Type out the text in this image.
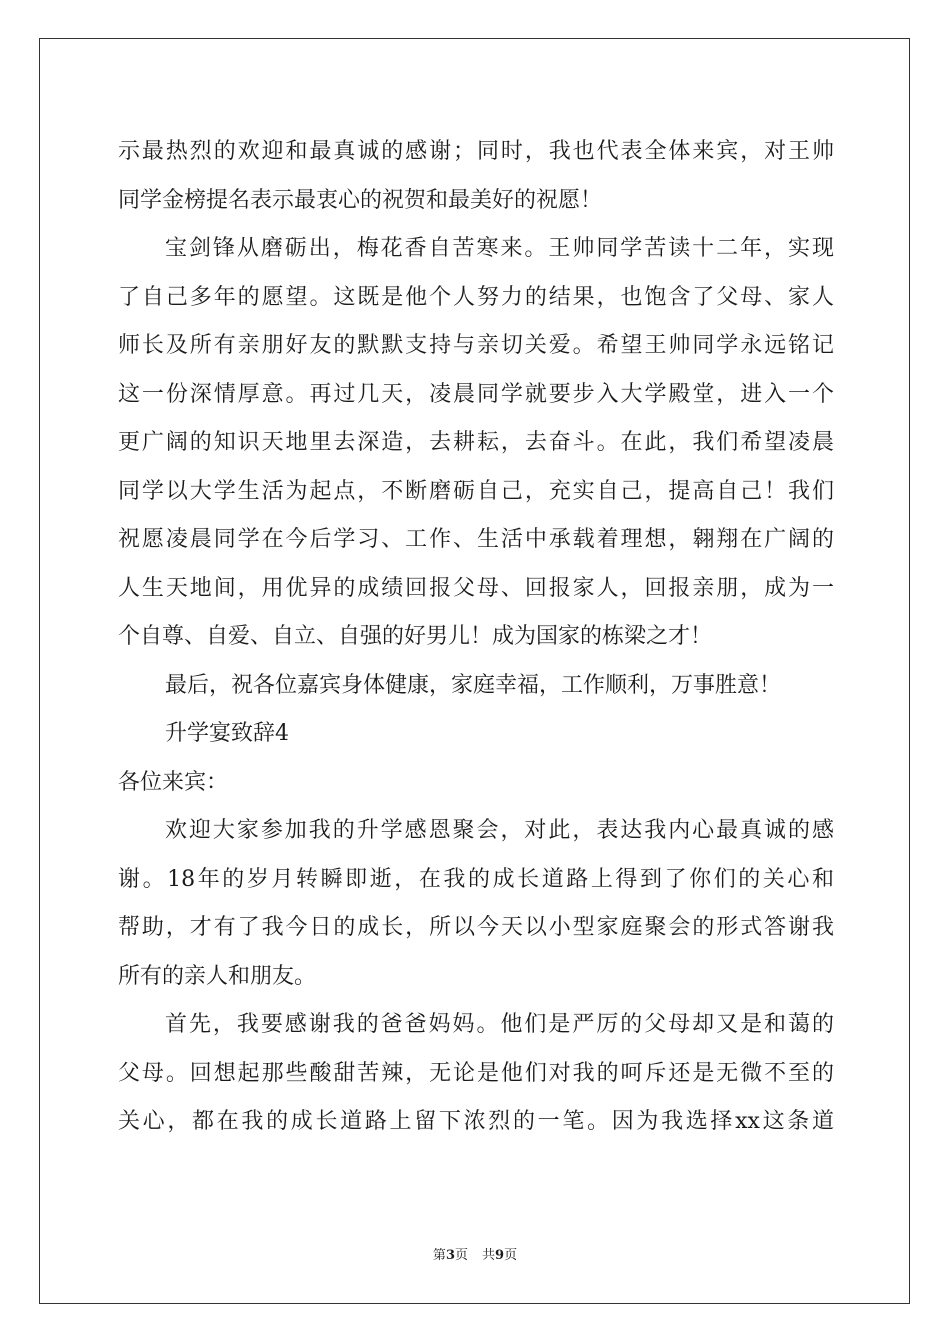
示最热烈的欢迎和最真诚的感谢；同时，我也代表全体来宾，对王帅
同学金榜提名表示最衷心的祝贺和最美好的祝愿！
宝剑锋从磨砺出，梅花香自苦寒来。王帅同学苦读十二年，实现
了自己多年的愿望。这既是他个人努力的结果，也饱含了父母、家人
师长及所有亲朋好友的默默支持与亲切关爱。希望王帅同学永远铭记
这一份深情厚意。再过几天，凌晨同学就要步入大学殿堂，进入一个
更广阔的知识天地里去深造，去耕耘，去奋斗。在此，我们希望凌晨
同学以大学生活为起点，不断磨砺自己，充实自己，提高自己！我们
祝愿凌晨同学在今后学习、工作、生活中承载着理想，翱翔在广阔的
人生天地间，用优异的成绩回报父母、回报家人，回报亲朋，成为一
个自尊、自爱、自立、自强的好男儿！成为国家的栋梁之才！
最后，祝各位嘉宾身体健康，家庭幸福，工作顺利，万事胜意！
升学宴致辞4
各位来宾：
欢迎大家参加我的升学感恩聚会，对此，表达我内心最真诚的感
谢。18年的岁月转瞬即逝，在我的成长道路上得到了你们的关心和
帮助，才有了我今日的成长，所以今天以小型家庭聚会的形式答谢我
所有的亲人和朋友。
首先，我要感谢我的爸爸妈妈。他们是严厉的父母却又是和蔼的
父母。回想起那些酸甜苦辣，无论是他们对我的呵斥还是无微不至的
关心，都在我的成长道路上留下浓烈的一笔。因为我选择xx这条道
第3页 共9页
